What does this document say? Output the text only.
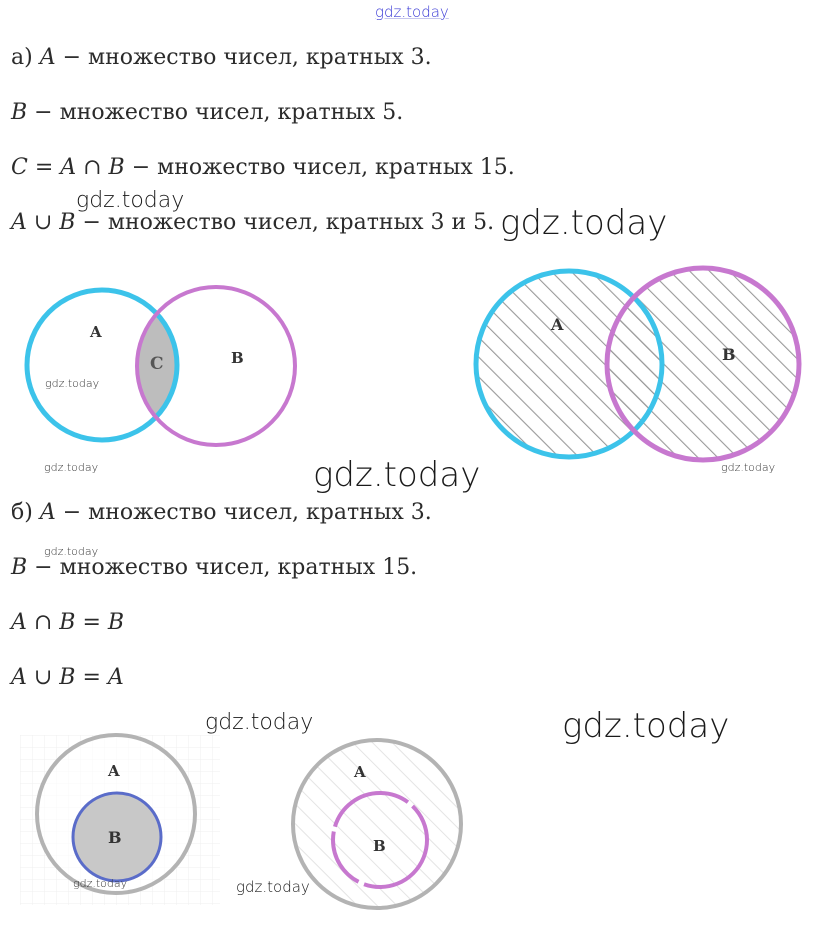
gdz.today
а) A − множество чисел, кратных 3.
B − множество чисел, кратных 5.
C = A ∩ B − множество чисел, кратных 15.
A ∪ B − множество чисел, кратных 3 и 5.
gdz.today
gdz.today
A
B
C
gdz.today
gdz.today
A
B
gdz.today
gdz.today
б) A − множество чисел, кратных 3.
gdz.today
B − множество чисел, кратных 15.
A ∩ B = B
A ∪ B = A
gdz.today	gdz.today
A
B
gdz.today
A
B
gdz.today
